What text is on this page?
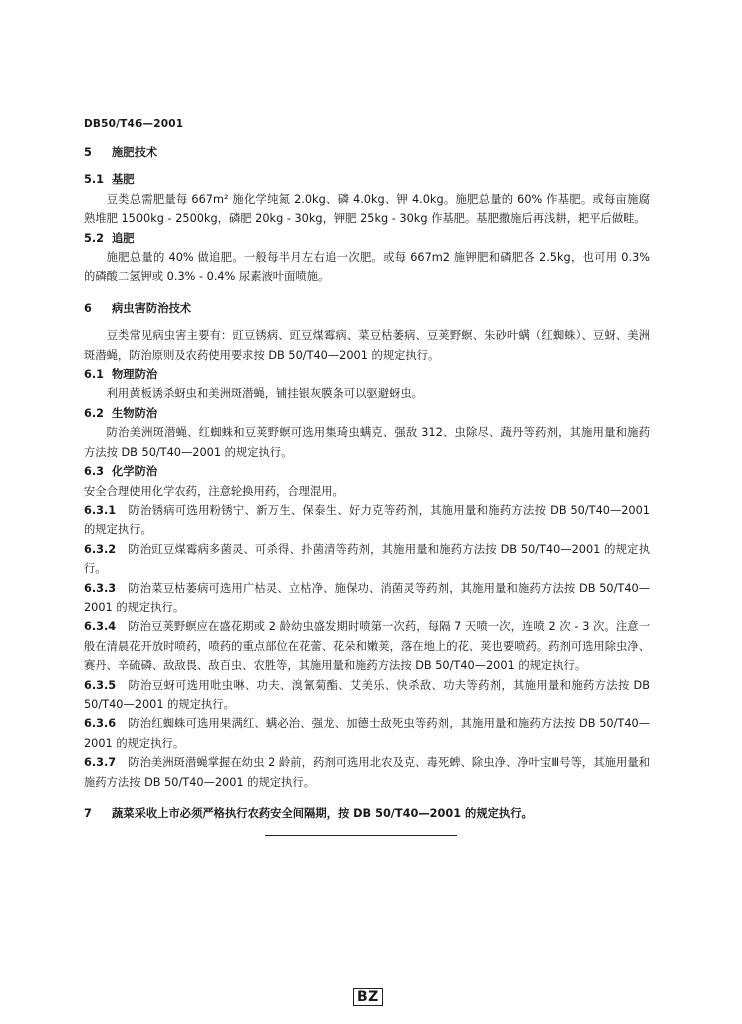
DB50/T46—2001
5 施肥技术
5.1 基肥
豆类总需肥量每 667m² 施化学纯氮 2.0kg、磷 4.0kg、钾 4.0kg。施肥总量的 60% 作基肥。或每亩施腐熟堆肥 1500kg - 2500kg，磷肥 20kg - 30kg，钾肥 25kg - 30kg 作基肥。基肥撒施后再浅耕，耙平后做畦。
5.2 追肥
施肥总量的 40% 做追肥。一般每半月左右追一次肥。或每 667m2 施钾肥和磷肥各 2.5kg，也可用 0.3% 的磷酸二氢钾或 0.3% - 0.4% 尿素液叶面喷施。
6 病虫害防治技术
豆类常见病虫害主要有：豇豆锈病、豇豆煤霉病、菜豆枯萎病、豆荚野螟、朱砂叶螨（红蜘蛛）、豆蚜、美洲斑潜蝇，防治原则及农药使用要求按 DB 50/T40—2001 的规定执行。
6.1 物理防治
利用黄板诱杀蚜虫和美洲斑潜蝇，铺挂银灰膜条可以驱避蚜虫。
6.2 生物防治
防治美洲斑潜蝇、红蜘蛛和豆荚野螟可选用集琦虫螨克、强敌 312、虫除尽、蔬丹等药剂，其施用量和施药方法按 DB 50/T40—2001 的规定执行。
6.3 化学防治
安全合理使用化学农药，注意轮换用药，合理混用。
6.3.1 防治锈病可选用粉锈宁、新万生、保泰生、好力克等药剂，其施用量和施药方法按 DB 50/T40—2001 的规定执行。
6.3.2 防治豇豆煤霉病多菌灵、可杀得、扑菌清等药剂，其施用量和施药方法按 DB 50/T40—2001 的规定执行。
6.3.3 防治菜豆枯萎病可选用广枯灵、立枯净、施保功、消菌灵等药剂，其施用量和施药方法按 DB 50/T40—2001 的规定执行。
6.3.4 防治豆荚野螟应在盛花期或 2 龄幼虫盛发期时喷第一次药，每隔 7 天喷一次，连喷 2 次 - 3 次。注意一般在清晨花开放时喷药，喷药的重点部位在花蕾、花朵和嫩荚，落在地上的花、荚也要喷药。药剂可选用除虫净、赛丹、辛硫磷、敌敌畏、敌百虫、农胜等，其施用量和施药方法按 DB 50/T40—2001 的规定执行。
6.3.5 防治豆蚜可选用吡虫啉、功夫、溴氰菊酯、艾美乐、快杀敌、功夫等药剂，其施用量和施药方法按 DB 50/T40—2001 的规定执行。
6.3.6 防治红蜘蛛可选用果满红、螨必治、强龙、加德士敌死虫等药剂，其施用量和施药方法按 DB 50/T40—2001 的规定执行。
6.3.7 防治美洲斑潜蝇掌握在幼虫 2 龄前，药剂可选用北农及克、毒死蜱、除虫净、净叶宝Ⅲ号等，其施用量和施药方法按 DB 50/T40—2001 的规定执行。
7 蔬菜采收上市必须严格执行农药安全间隔期，按 DB 50/T40—2001 的规定执行。
BZ
